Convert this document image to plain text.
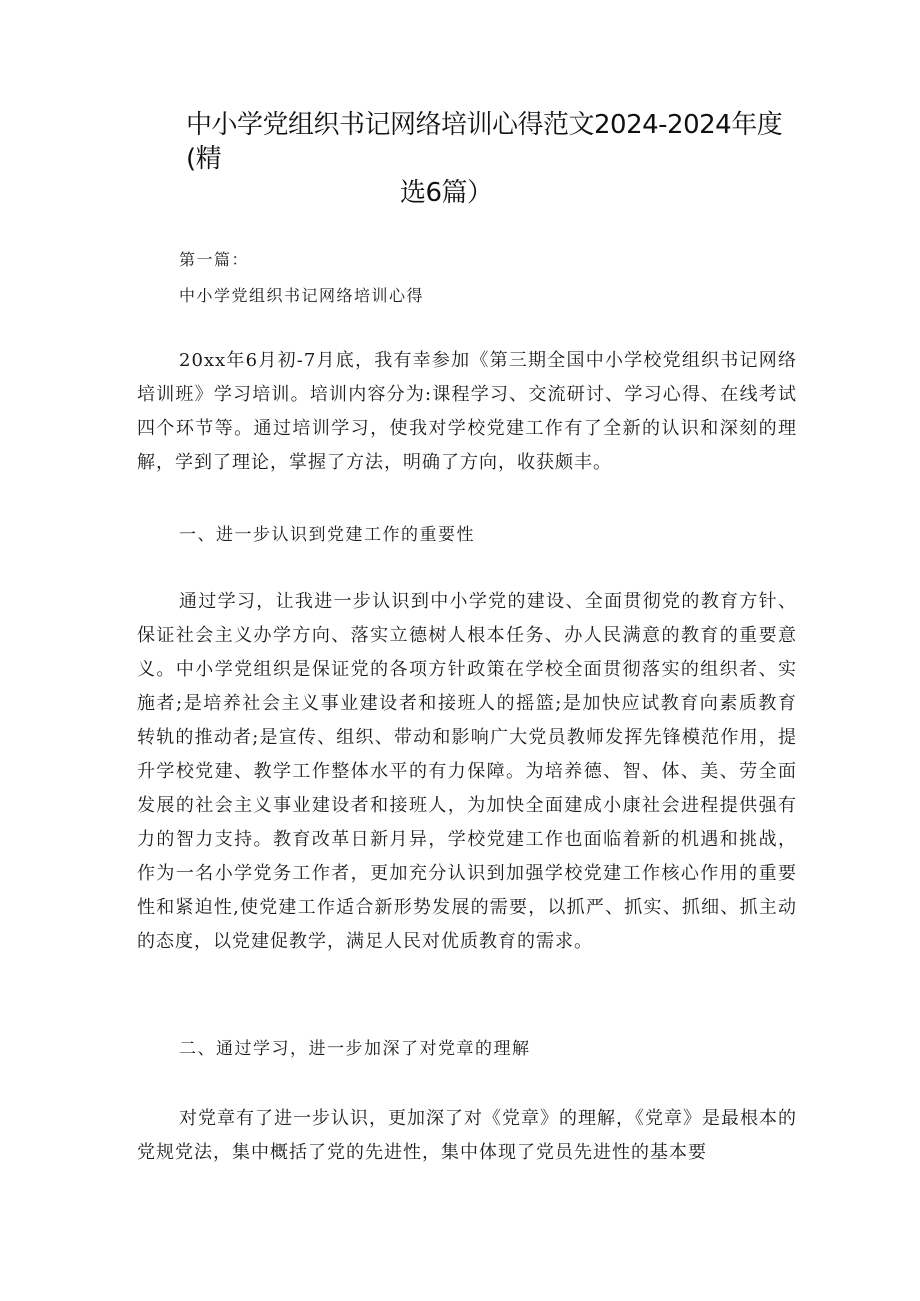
中小学党组织书记网络培训心得范文2024-2024年度(精
选6篇）

第一篇：

中小学党组织书记网络培训心得

20xx年6月初-7月底，我有幸参加《第三期全国中小学校党组织书记网络培训班》学习培训。培训内容分为:课程学习、交流研讨、学习心得、在线考试四个环节等。通过培训学习，使我对学校党建工作有了全新的认识和深刻的理解，学到了理论，掌握了方法，明确了方向，收获颇丰。

一、进一步认识到党建工作的重要性

通过学习，让我进一步认识到中小学党的建设、全面贯彻党的教育方针、保证社会主义办学方向、落实立德树人根本任务、办人民满意的教育的重要意义。中小学党组织是保证党的各项方针政策在学校全面贯彻落实的组织者、实施者;是培养社会主义事业建设者和接班人的摇篮;是加快应试教育向素质教育转轨的推动者;是宣传、组织、带动和影响广大党员教师发挥先锋模范作用，提升学校党建、教学工作整体水平的有力保障。为培养德、智、体、美、劳全面发展的社会主义事业建设者和接班人，为加快全面建成小康社会进程提供强有力的智力支持。教育改革日新月异，学校党建工作也面临着新的机遇和挑战，作为一名小学党务工作者，更加充分认识到加强学校党建工作核心作用的重要性和紧迫性,使党建工作适合新形势发展的需要，以抓严、抓实、抓细、抓主动的态度，以党建促教学，满足人民对优质教育的需求。

二、通过学习，进一步加深了对党章的理解

对党章有了进一步认识，更加深了对《党章》的理解，《党章》是最根本的党规党法，集中概括了党的先进性，集中体现了党员先进性的基本要
